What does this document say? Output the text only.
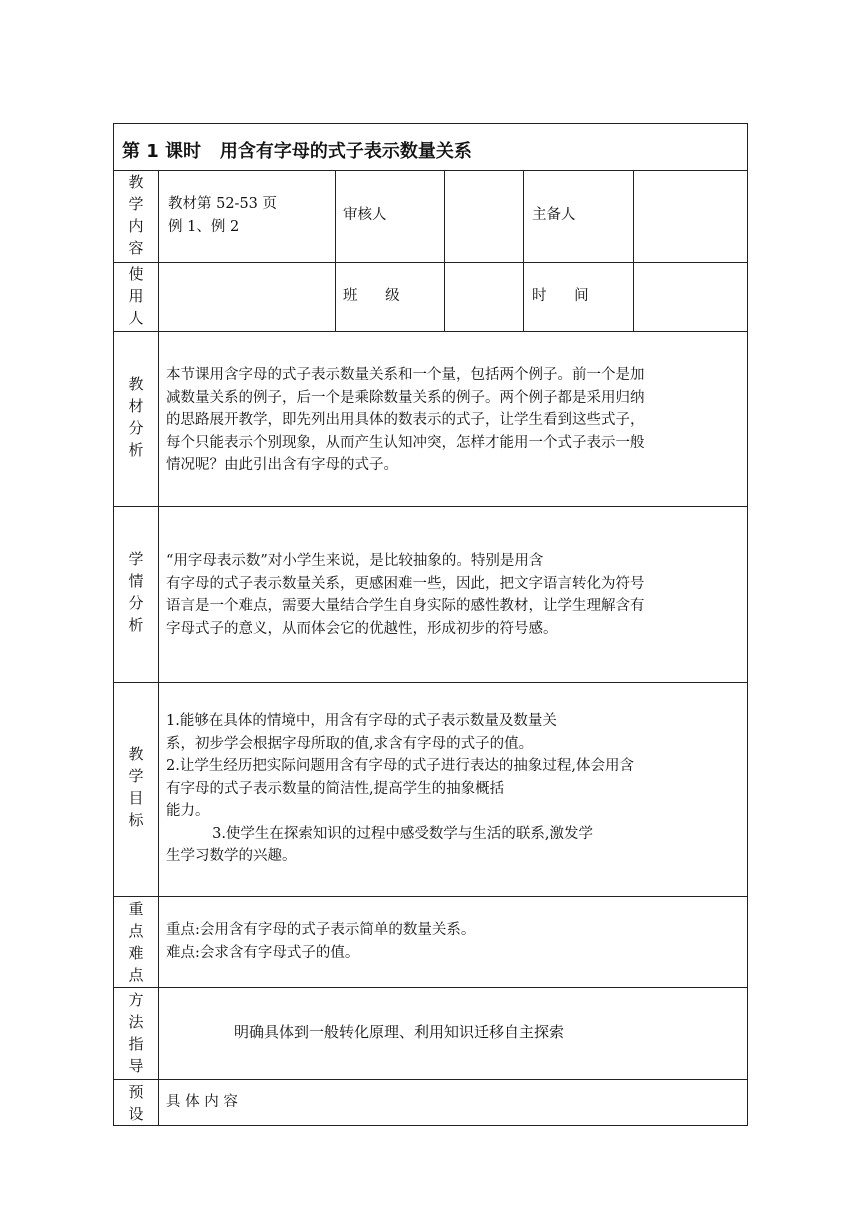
第 1 课时   用含有字母的式子表示数量关系
教
学
内
容
教材第 52-53 页
例 1、例 2
审核人	主备人
使
用
人
班      级	时      间
教
材
分
析

本节课用含字母的式子表示数量关系和一个量，包括两个例子。前一个是加

减数量关系的例子，后一个是乘除数量关系的例子。两个例子都是采用归纳

的思路展开教学，即先列出用具体的数表示的式子，让学生看到这些式子，

每个只能表示个别现象，从而产生认知冲突，怎样才能用一个式子表示一般

情况呢？由此引出含有字母的式子。

学
情
分
析

“用字母表示数”对小学生来说，是比较抽象的。特别是用含

有字母的式子表示数量关系，更感困难一些，因此，把文字语言转化为符号

语言是一个难点，需要大量结合学生自身实际的感性教材，让学生理解含有

字母式子的意义，从而体会它的优越性，形成初步的符号感。

教
学
目
标

1.能够在具体的情境中，用含有字母的式子表示数量及数量关

系，初步学会根据字母所取的值,求含有字母的式子的值。

2.让学生经历把实际问题用含有字母的式子进行表达的抽象过程,体会用含

有字母的式子表示数量的简洁性,提高学生的抽象概括

能力。

3.使学生在探索知识的过程中感受数学与生活的联系,激发学

生学习数学的兴趣。

重
点
难
点

重点:会用含有字母的式子表示简单的数量关系。

难点:会求含有字母式子的值。

方
法
指
导
明确具体到一般转化原理、利用知识迁移自主探索
预
设
具 体 内 容
